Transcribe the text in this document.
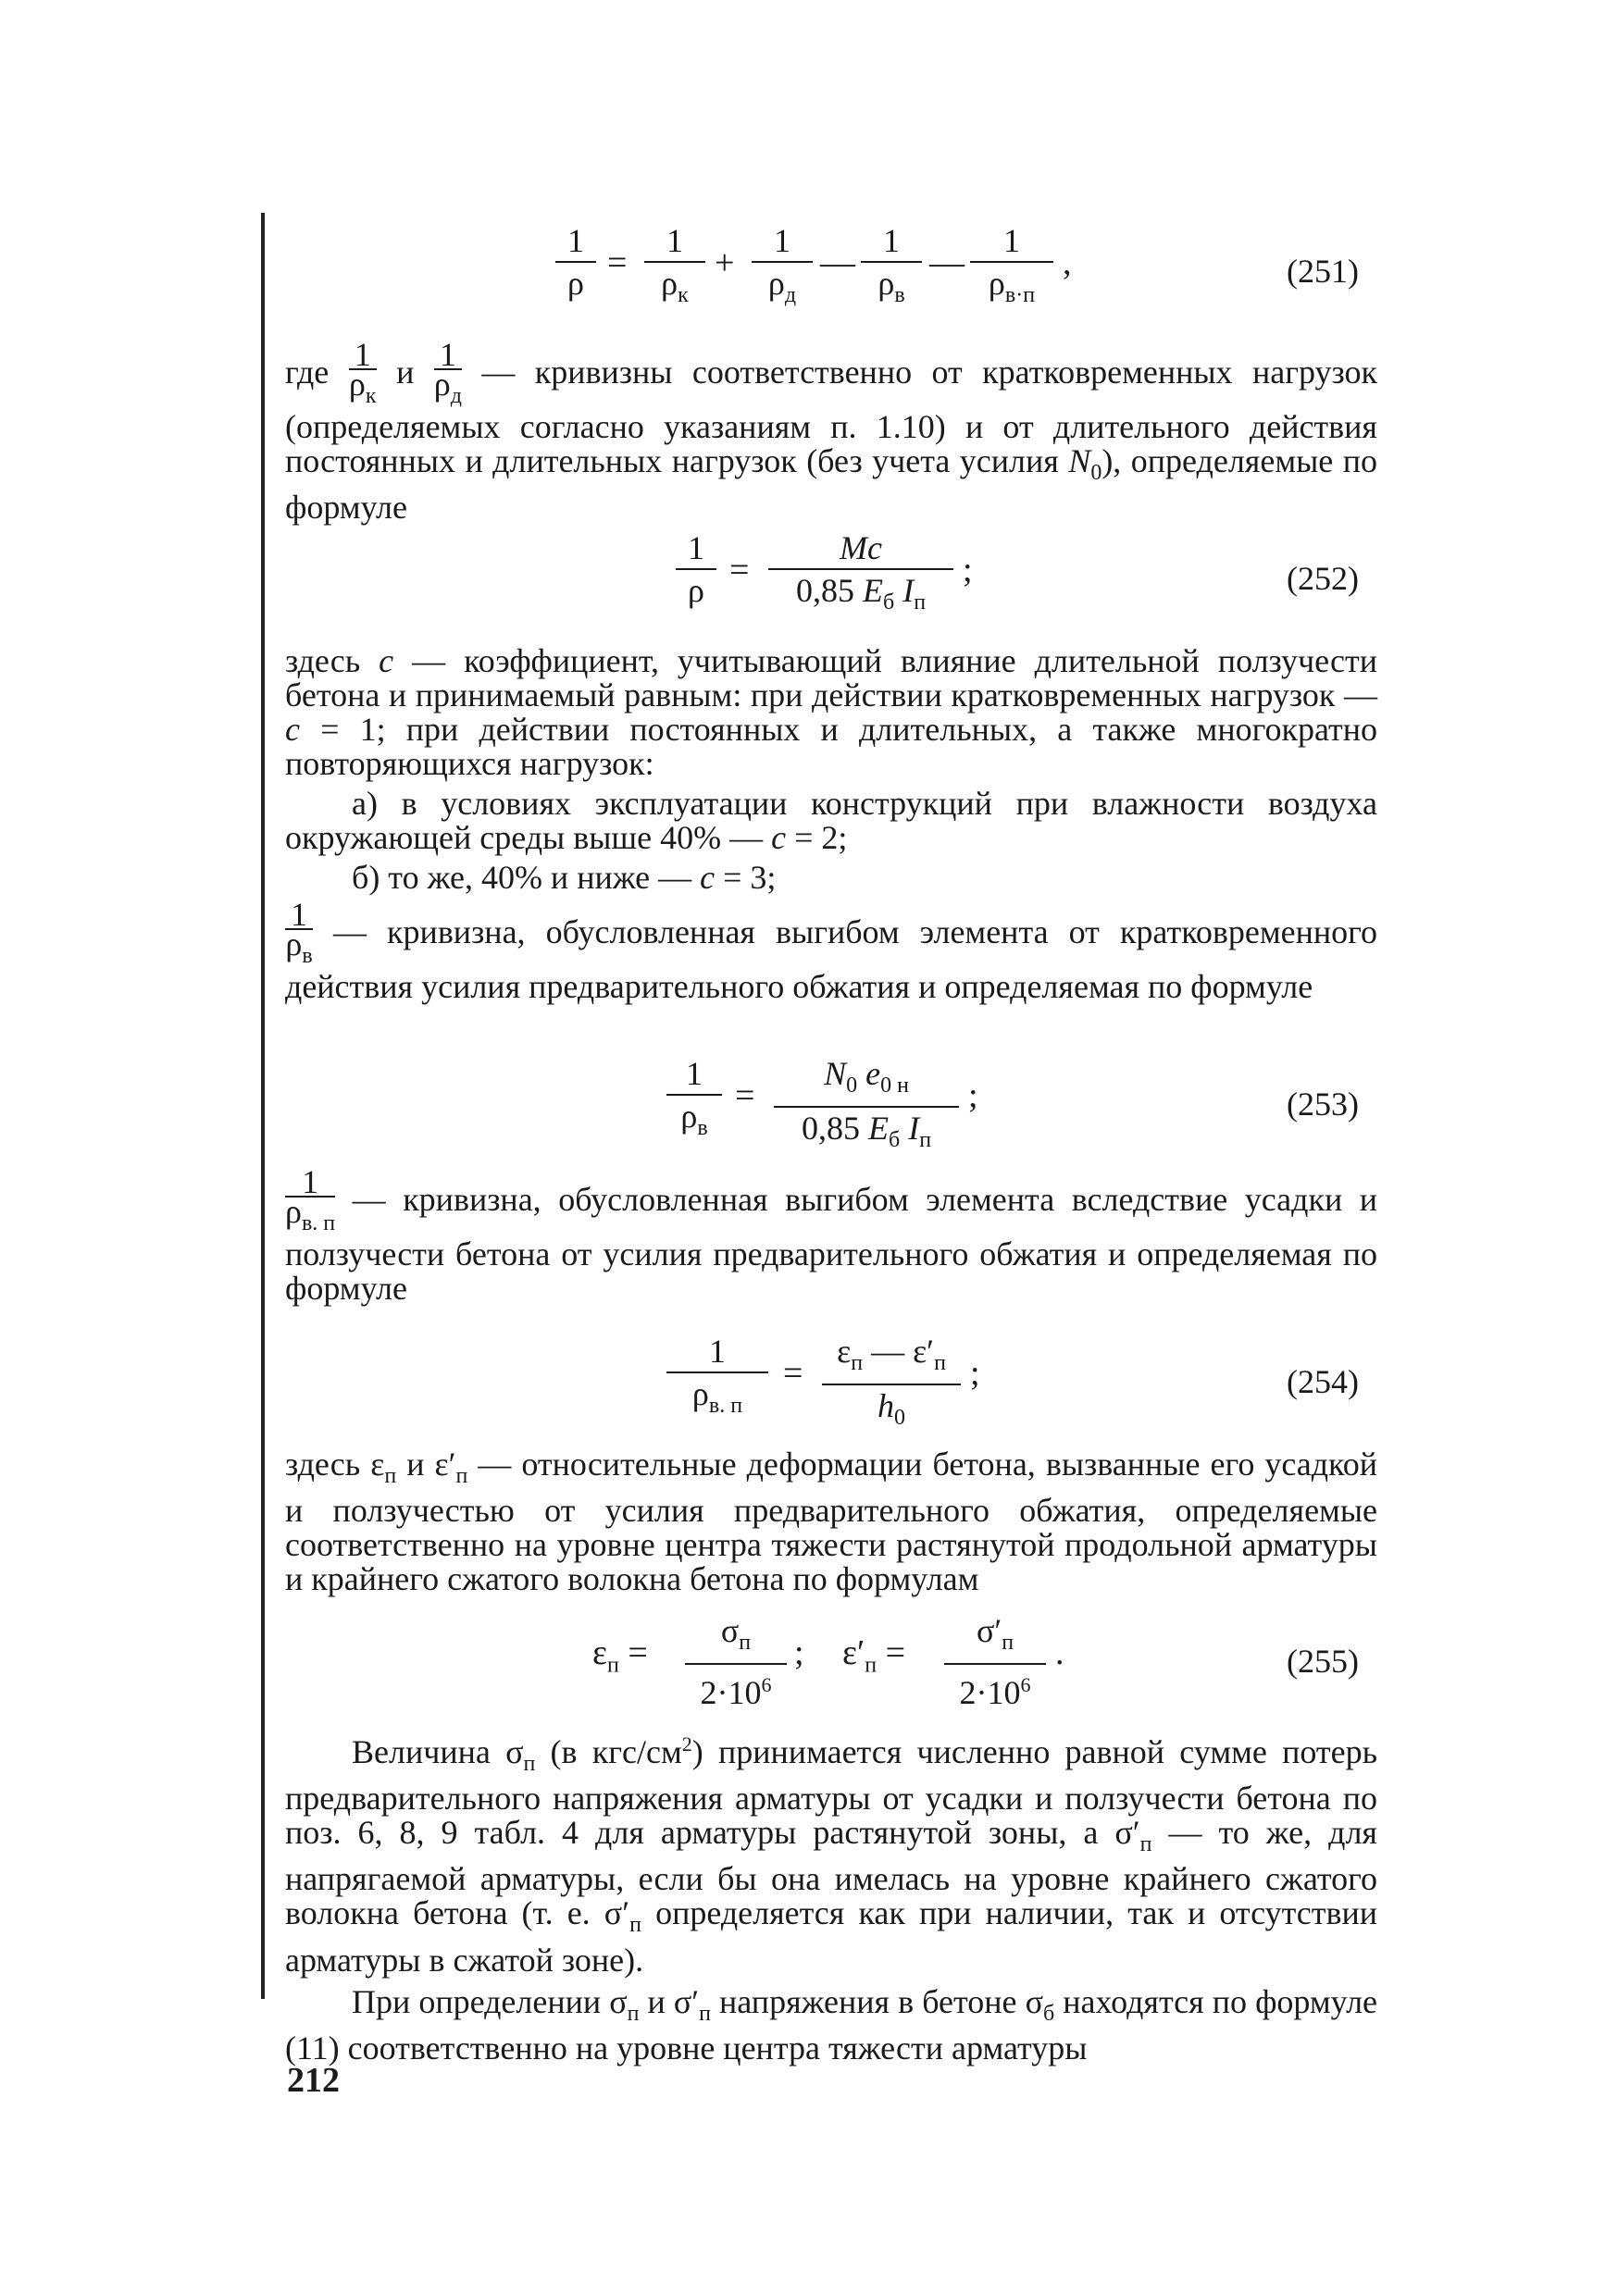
1
ρ
=
1
$\rho_к$
+
1
$\rho_д$
—
1
$\rho_в$
—
1
$\rho_{в\cdot п}$
,	(251)

где $\frac{1}{\rho_к}$ и $\frac{1}{\rho_д}$ — кривизны соответственно от кратковременных нагрузок (определяемых согласно указаниям п. 1.10) и от длительного действия постоянных и длительных нагрузок (без учета усилия $N_0$), определяемые по формуле

1
ρ
=
Mc
0,85 $E_б$ $I_п$
;	(252)

здесь c — коэффициент, учитывающий влияние длительной ползучести бетона и принимаемый равным: при действии кратковременных нагрузок — c = 1; при действии постоянных и длительных, а также многократно повторяющихся нагрузок:

а) в условиях эксплуатации конструкций при влажности воздуха окружающей среды выше 40% — c = 2;

б) то же, 40% и ниже — c = 3;

$\frac{1}{\rho_в}$ — кривизна, обусловленная выгибом элемента от кратковременного действия усилия предварительного обжатия и определяемая по формуле

1
$\rho_в$
=
$N_0$ $e_{0 н}$
0,85 $E_б$ $I_п$
;	(253)

$\frac{1}{\rho_{в. п}}$ — кривизна, обусловленная выгибом элемента вследствие усадки и ползучести бетона от усилия предварительного обжатия и определяемая по формуле

1
$\rho_{в. п}$
=
$\varepsilon_п$ — $\varepsilon'_п$
$h_0$
;	(254)

здесь $\varepsilon_п$ и $\varepsilon'_п$ — относительные деформации бетона, вызванные его усадкой и ползучестью от усилия предварительного обжатия, определяемые соответственно на уровне центра тяжести растянутой продольной арматуры и крайнего сжатого волокна бетона по формулам

$\varepsilon_п$ =
$\sigma_п$
$2\cdot 10^6$
; $\varepsilon'_п$ =
$\sigma'_п$
$2\cdot 10^6$
.	(255)

Величина $\sigma_п$ (в кгс/$см^2$) принимается численно равной сумме потерь предварительного напряжения арматуры от усадки и ползучести бетона по поз. 6, 8, 9 табл. 4 для арматуры растянутой зоны, а $\sigma'_п$ — то же, для напрягаемой арматуры, если бы она имелась на уровне крайнего сжатого волокна бетона (т. е. $\sigma'_п$ определяется как при наличии, так и отсутствии арматуры в сжатой зоне).

При определении $\sigma_п$ и $\sigma'_п$ напряжения в бетоне $\sigma_б$ находятся по формуле (11) соответственно на уровне центра тяжести арматуры

212
